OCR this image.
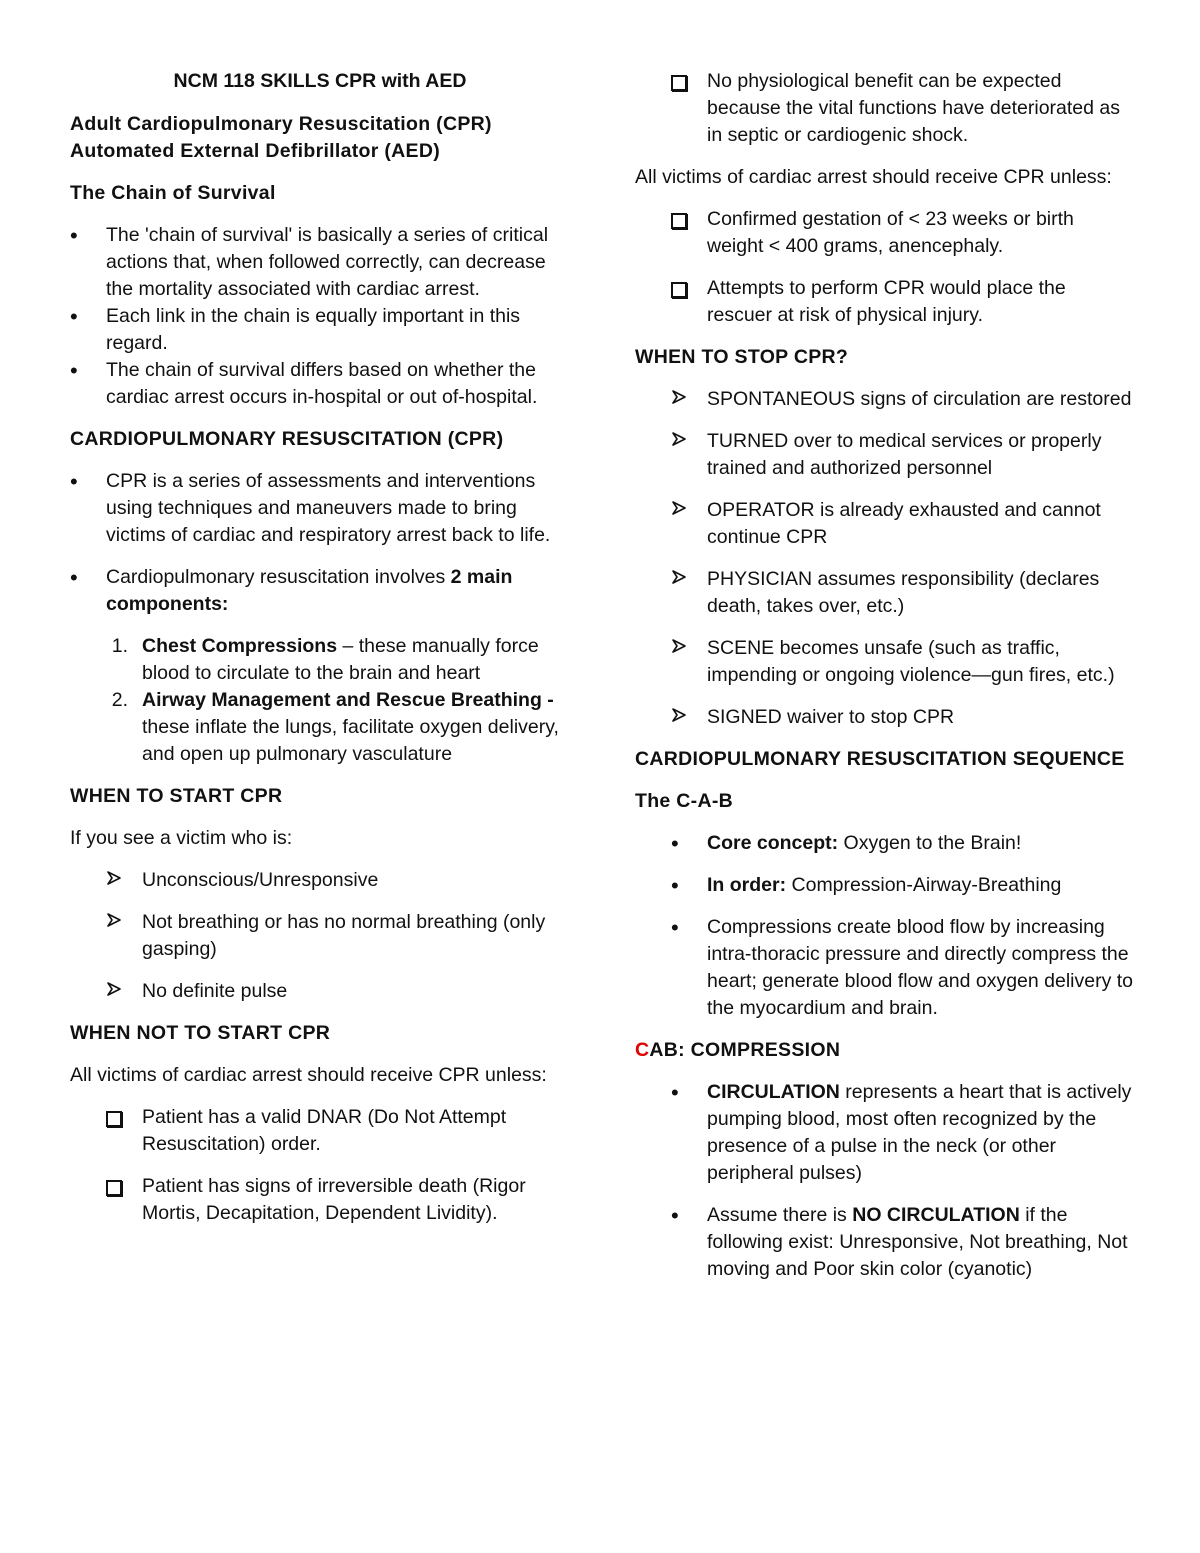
NCM 118 SKILLS CPR with AED

Adult Cardiopulmonary Resuscitation (CPR)

Automated External Defibrillator (AED)

The Chain of Survival

•
The 'chain of survival' is basically a series of critical actions that, when followed correctly, can decrease the mortality associated with cardiac arrest.
•
Each link in the chain is equally important in this regard.
•
The chain of survival differs based on whether the cardiac arrest occurs in-hospital or out of-hospital.

CARDIOPULMONARY RESUSCITATION (CPR)

•
CPR is a series of assessments and interventions using techniques and maneuvers made to bring victims of cardiac and respiratory arrest back to life.
•
Cardiopulmonary resuscitation involves 2 main components:
1. Chest Compressions – these manually force blood to circulate to the brain and heart
2. Airway Management and Rescue Breathing - these inflate the lungs, facilitate oxygen delivery, and open up pulmonary vasculature

WHEN TO START CPR

If you see a victim who is:

Unconscious/Unresponsive
Not breathing or has no normal breathing (only gasping)
No definite pulse

WHEN NOT TO START CPR

All victims of cardiac arrest should receive CPR unless:

Patient has a valid DNAR (Do Not Attempt Resuscitation) order.
Patient has signs of irreversible death (Rigor Mortis, Decapitation, Dependent Lividity).
No physiological benefit can be expected because the vital functions have deteriorated as in septic or cardiogenic shock.

All victims of cardiac arrest should receive CPR unless:

Confirmed gestation of < 23 weeks or birth weight < 400 grams, anencephaly.
Attempts to perform CPR would place the rescuer at risk of physical injury.

WHEN TO STOP CPR?

SPONTANEOUS signs of circulation are restored
TURNED over to medical services or properly trained and authorized personnel
OPERATOR is already exhausted and cannot continue CPR
PHYSICIAN assumes responsibility (declares death, takes over, etc.)
SCENE becomes unsafe (such as traffic, impending or ongoing violence—gun fires, etc.)
SIGNED waiver to stop CPR

CARDIOPULMONARY RESUSCITATION SEQUENCE

The C-A-B

•
Core concept: Oxygen to the Brain!
•
In order: Compression-Airway-Breathing
•
Compressions create blood flow by increasing intra-thoracic pressure and directly compress the heart; generate blood flow and oxygen delivery to the myocardium and brain.

CAB: COMPRESSION

•
CIRCULATION represents a heart that is actively pumping blood, most often recognized by the presence of a pulse in the neck (or other peripheral pulses)
•
Assume there is NO CIRCULATION if the following exist: Unresponsive, Not breathing, Not moving and Poor skin color (cyanotic)
